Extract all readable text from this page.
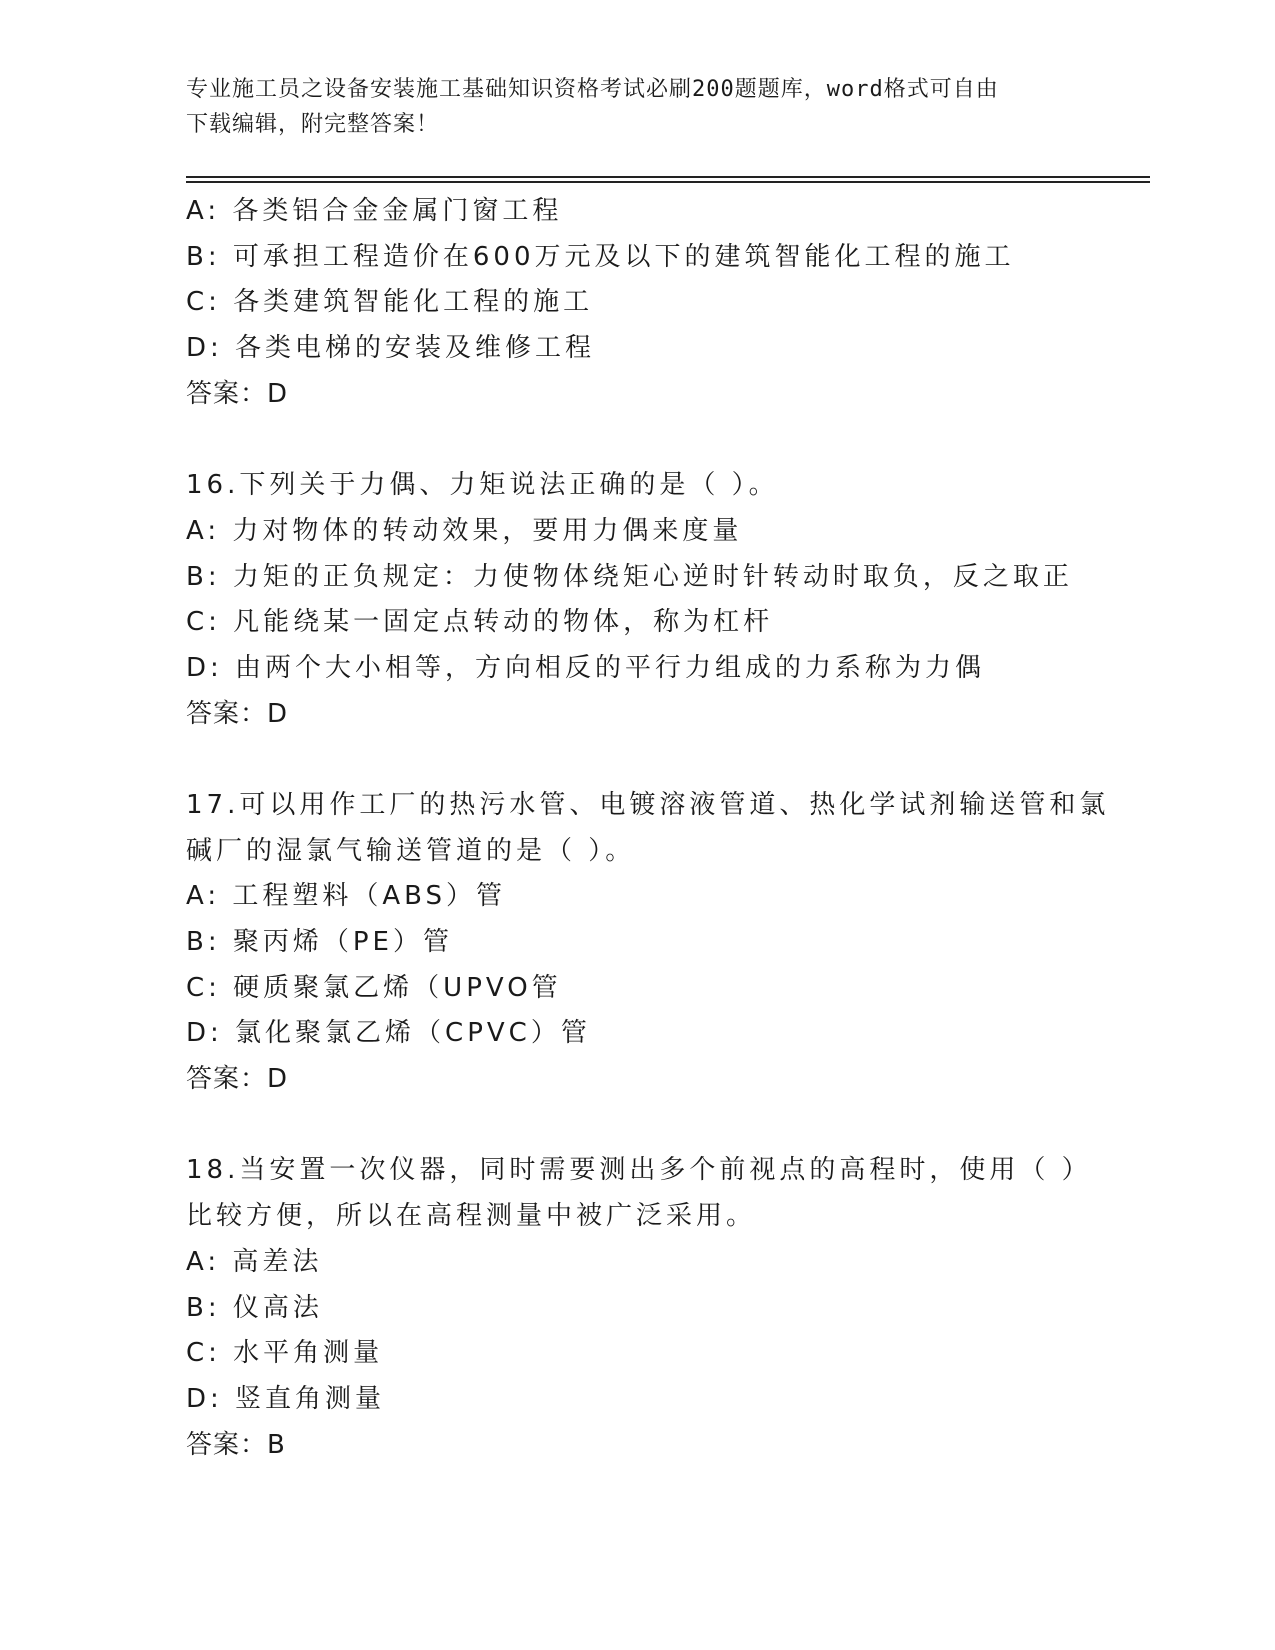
专业施工员之设备安装施工基础知识资格考试必刷200题题库，word格式可自由
下载编辑，附完整答案！
A: 各类铝合金金属门窗工程
B: 可承担工程造价在600万元及以下的建筑智能化工程的施工
C: 各类建筑智能化工程的施工
D: 各类电梯的安装及维修工程
答案：D
16.下列关于力偶、力矩说法正确的是（ ）。
A: 力对物体的转动效果，要用力偶来度量
B: 力矩的正负规定：力使物体绕矩心逆时针转动时取负，反之取正
C: 凡能绕某一固定点转动的物体，称为杠杆
D: 由两个大小相等，方向相反的平行力组成的力系称为力偶
答案：D
17.可以用作工厂的热污水管、电镀溶液管道、热化学试剂输送管和氯
碱厂的湿氯气输送管道的是（ ）。
A: 工程塑料（ABS）管
B: 聚丙烯（PE）管
C: 硬质聚氯乙烯（UPVO管
D: 氯化聚氯乙烯（CPVC）管
答案：D
18.当安置一次仪器，同时需要测出多个前视点的高程时，使用（ ）
比较方便，所以在高程测量中被广泛采用。
A: 高差法
B: 仪高法
C: 水平角测量
D: 竖直角测量
答案：B
